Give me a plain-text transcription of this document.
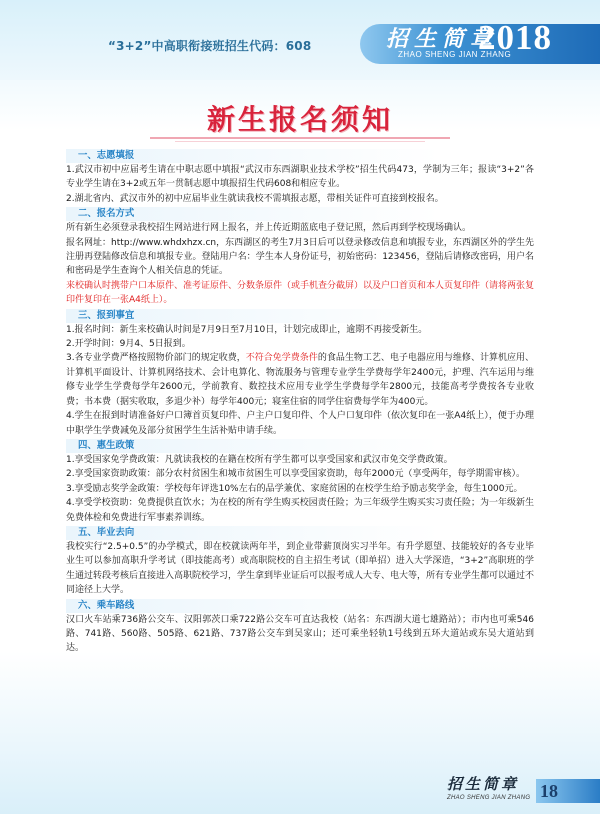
“3+2”中高职衔接班招生代码：608	招生简章
2018
ZHAO SHENG JIAN ZHANG
新生报名须知
一、志愿填报
1.武汉市初中应届考生请在中职志愿中填报“武汉市东西湖职业技术学校”招生代码473，学制为三年；报读“3+2”各专业学生请在3+2或五年一贯制志愿中填报招生代码608和相应专业。
2.湖北省内、武汉市外的初中应届毕业生就读我校不需填报志愿，带相关证件可直接到校报名。
二、报名方式
所有新生必须登录我校招生网站进行网上报名，并上传近期蓝底电子登记照，然后再到学校现场确认。
报名网址：http://www.whdxhzx.cn，东西湖区的考生7月3日后可以登录修改信息和填报专业，东西湖区外的学生先注册再登陆修改信息和填报专业。登陆用户名：学生本人身份证号，初始密码：123456，登陆后请修改密码，用户名和密码是学生查询个人相关信息的凭证。
来校确认时携带户口本原件、准考证原件、分数条原件（或手机查分截屏）以及户口首页和本人页复印件（请将两张复印件复印在一张A4纸上）。
三、报到事宜
1.报名时间：新生来校确认时间是7月9日至7月10日，计划完成即止，逾期不再接受新生。
2.开学时间：9月4、5日报到。
3.各专业学费严格按照物价部门的规定收费，不符合免学费条件的食品生物工艺、电子电器应用与维修、计算机应用、计算机平面设计、计算机网络技术、会计电算化、物流服务与管理专业学生学费每学年2400元，护理、汽车运用与维修专业学生学费每学年2600元，学前教育、数控技术应用专业学生学费每学年2800元，技能高考学费按各专业收费；书本费（据实收取，多退少补）每学年400元；寝室住宿的同学住宿费每学年为400元。
4.学生在报到时请准备好户口簿首页复印件、户主户口复印件、个人户口复印件（依次复印在一张A4纸上），便于办理中职学生学费减免及部分贫困学生生活补贴申请手续。
四、惠生政策
1.享受国家免学费政策：凡就读我校的在籍在校所有学生都可以享受国家和武汉市免交学费政策。
2.享受国家资助政策：部分农村贫困生和城市贫困生可以享受国家资助，每年2000元（享受两年，每学期需审核）。
3.享受励志奖学金政策：学校每年评选10%左右的品学兼优、家庭贫困的在校学生给予励志奖学金，每生1000元。
4.享受学校资助：免费提供直饮水；为在校的所有学生购买校园责任险；为三年级学生购买实习责任险；为一年级新生免费体检和免费进行军事素养训练。
五、毕业去向
我校实行“2.5+0.5”的办学模式，即在校就读两年半，到企业带薪顶岗实习半年。有升学愿望、技能较好的各专业毕业生可以参加高职升学考试（即技能高考）或高职院校的自主招生考试（即单招）进入大学深造，“3+2”高职班的学生通过转段考核后直接进入高职院校学习，学生拿到毕业证后可以报考成人大专、电大等，所有专业学生都可以通过不同途径上大学。
六、乘车路线
汉口火车站乘736路公交车、汉阳郭茨口乘722路公交车可直达我校（站名：东西湖大道七雄路站）；市内也可乘546路、741路、560路、505路、621路、737路公交车到吴家山；还可乘坐轻轨1号线到五环大道站或东吴大道站到达。
招生简章
ZHAO SHENG JIAN ZHANG 18
